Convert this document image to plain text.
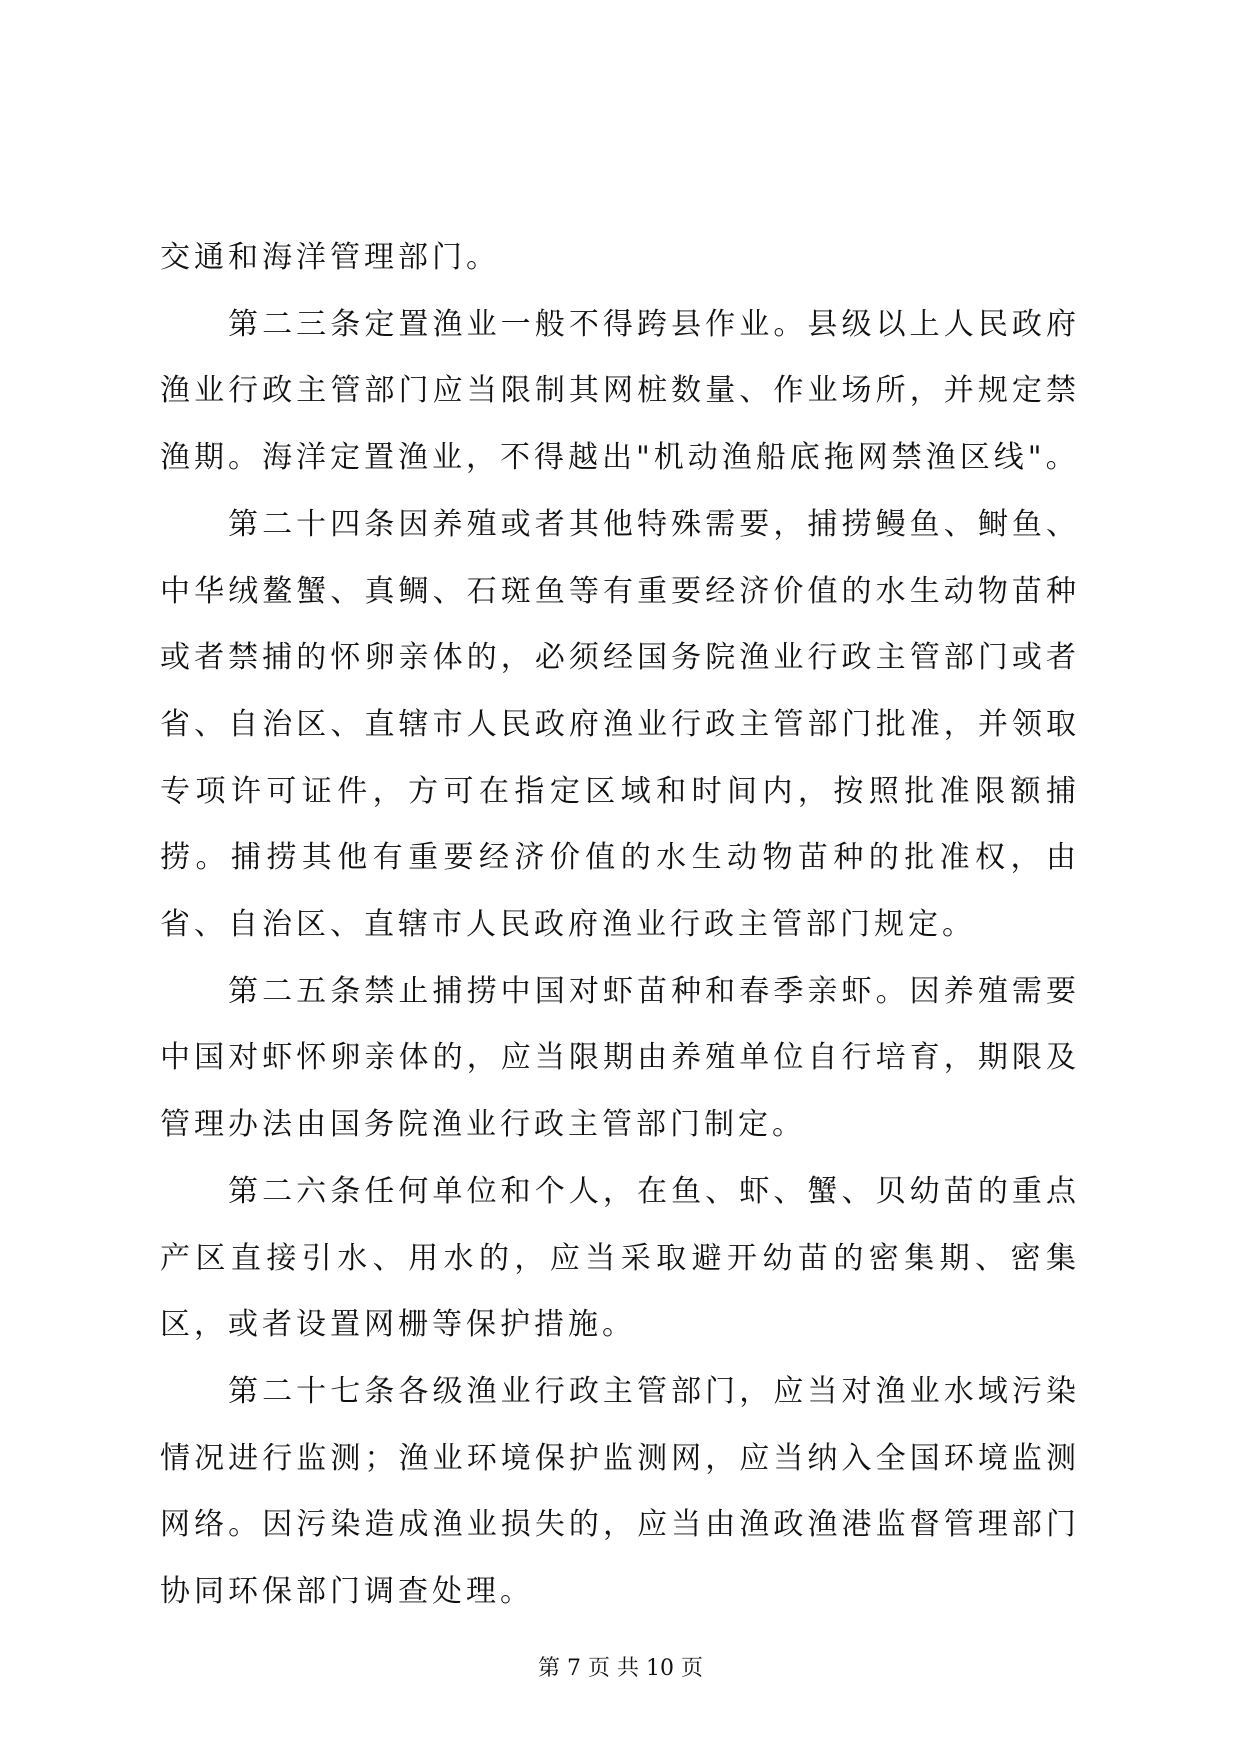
交通和海洋管理部门。

第二三条定置渔业一般不得跨县作业。县级以上人民政府渔业行政主管部门应当限制其网桩数量、作业场所，并规定禁渔期。海洋定置渔业，不得越出"机动渔船底拖网禁渔区线"。

第二十四条因养殖或者其他特殊需要，捕捞鳗鱼、鲥鱼、中华绒鳌蟹、真鲷、石斑鱼等有重要经济价值的水生动物苗种或者禁捕的怀卵亲体的，必须经国务院渔业行政主管部门或者省、自治区、直辖市人民政府渔业行政主管部门批准，并领取专项许可证件，方可在指定区域和时间内，按照批准限额捕捞。捕捞其他有重要经济价值的水生动物苗种的批准权，由省、自治区、直辖市人民政府渔业行政主管部门规定。

第二五条禁止捕捞中国对虾苗种和春季亲虾。因养殖需要中国对虾怀卵亲体的，应当限期由养殖单位自行培育，期限及管理办法由国务院渔业行政主管部门制定。

第二六条任何单位和个人，在鱼、虾、蟹、贝幼苗的重点产区直接引水、用水的，应当采取避开幼苗的密集期、密集区，或者设置网栅等保护措施。

第二十七条各级渔业行政主管部门，应当对渔业水域污染情况进行监测；渔业环境保护监测网，应当纳入全国环境监测网络。因污染造成渔业损失的，应当由渔政渔港监督管理部门协同环保部门调查处理。

第 7 页 共 10 页
